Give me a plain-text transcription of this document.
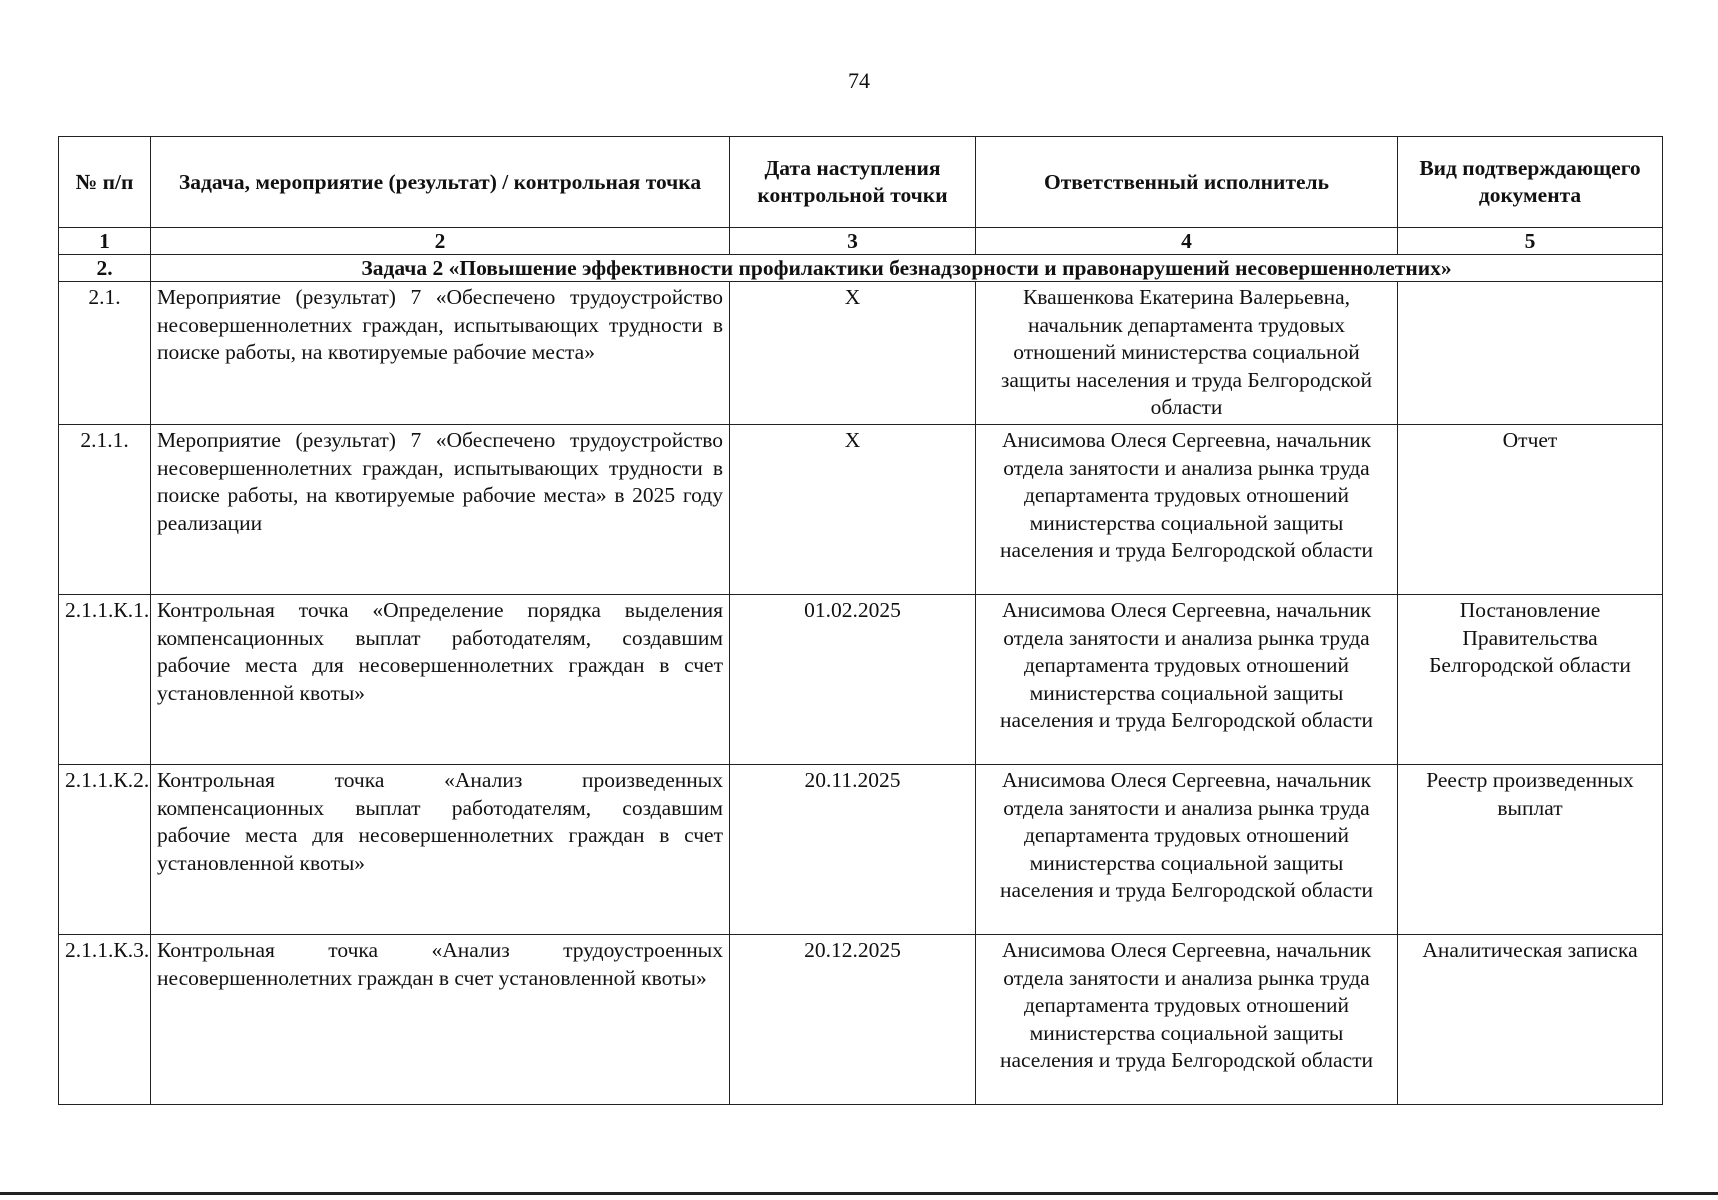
74
№ п/п	Задача, мероприятие (результат) / контрольная точка	Дата наступления контрольной точки	Ответственный исполнитель	Вид подтверждающего документа
1	2	3	4	5
2.	Задача 2 «Повышение эффективности профилактики безнадзорности и правонарушений несовершеннолетних»			
2.1.	Мероприятие (результат) 7 «Обеспечено трудоустройство несовершеннолетних граждан, испытывающих трудности в поиске работы, на квотируемые рабочие места»	Х	Квашенкова Екатерина Валерьевна, начальник департамента трудовых отношений министерства социальной защиты населения и труда Белгородской области	
2.1.1.	Мероприятие (результат) 7 «Обеспечено трудоустройство несовершеннолетних граждан, испытывающих трудности в поиске работы, на квотируемые рабочие места» в 2025 году реализации	Х	Анисимова Олеся Сергеевна, начальник отдела занятости и анализа рынка труда департамента трудовых отношений министерства социальной защиты населения и труда Белгородской области	Отчет
2.1.1.К.1.	Контрольная точка «Определение порядка выделения компенсационных выплат работодателям, создавшим рабочие места для несовершеннолетних граждан в счет установленной квоты»	01.02.2025	Анисимова Олеся Сергеевна, начальник отдела занятости и анализа рынка труда департамента трудовых отношений министерства социальной защиты населения и труда Белгородской области	Постановление Правительства Белгородской области
2.1.1.К.2.	Контрольная точка «Анализ произведенных компенсационных выплат работодателям, создавшим рабочие места для несовершеннолетних граждан в счет установленной квоты»	20.11.2025	Анисимова Олеся Сергеевна, начальник отдела занятости и анализа рынка труда департамента трудовых отношений министерства социальной защиты населения и труда Белгородской области	Реестр произведенных выплат
2.1.1.К.3.	Контрольная точка «Анализ трудоустроенных несовершеннолетних граждан в счет установленной квоты»	20.12.2025	Анисимова Олеся Сергеевна, начальник отдела занятости и анализа рынка труда департамента трудовых отношений министерства социальной защиты населения и труда Белгородской области	Аналитическая записка
